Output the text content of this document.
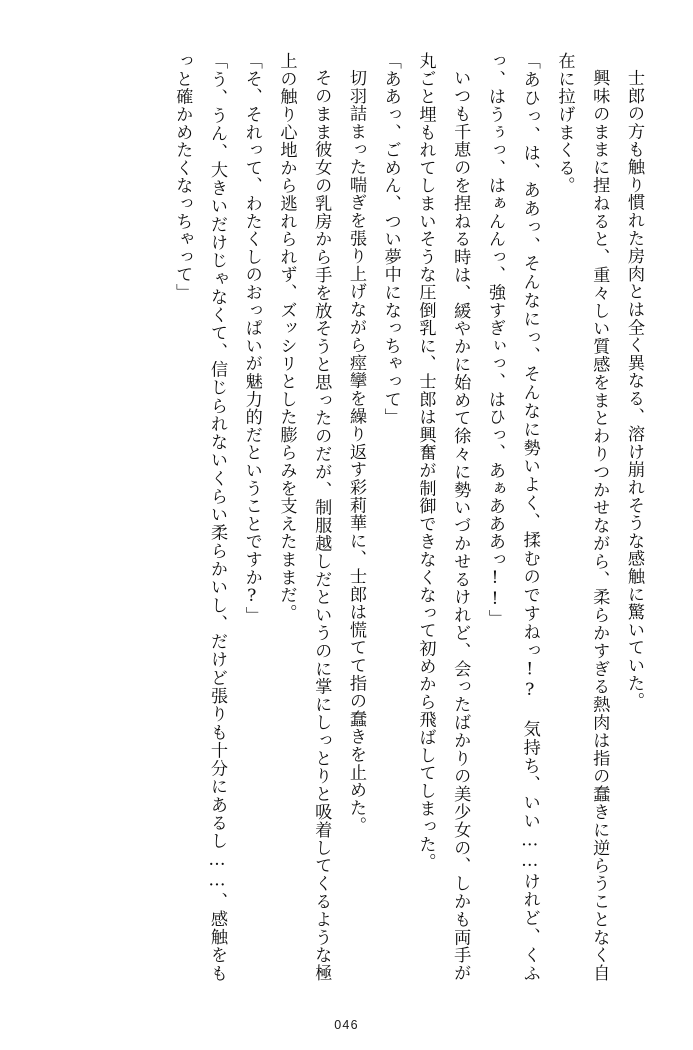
士郎の方も触り慣れた房肉とは全く異なる、溶け崩れそうな感触に驚いていた。

興味のままに捏ねると、重々しい質感をまとわりつかせながら、柔らかすぎる熱肉は指の蠢きに逆らうことなく自在に拉げまくる。

「あひっ、は、ああっ、そんなにっ、そんなに勢いよく、揉むのですねっ!?　気持ち、いい……けれど、くふっ、はうぅっ、はぁんんっ、強すぎぃっ、はひっ、あぁあああっ!!」

いつも千恵のを捏ねる時は、緩やかに始めて徐々に勢いづかせるけれど、会ったばかりの美少女の、しかも両手が丸ごと埋もれてしまいそうな圧倒乳に、士郎は興奮が制御できなくなって初めから飛ばしてしまった。

「ああっ、ごめん、つい夢中になっちゃって」

切羽詰まった喘ぎを張り上げながら痙攣を繰り返す彩莉華に、士郎は慌てて指の蠢きを止めた。

そのまま彼女の乳房から手を放そうと思ったのだが、制服越しだというのに掌にしっとりと吸着してくるような極上の触り心地から逃れられず、ズッシリとした膨らみを支えたままだ。

「そ、それって、わたくしのおっぱいが魅力的だということですか?」

「う、うん、大きいだけじゃなくて、信じられないくらい柔らかいし、だけど張りも十分にあるし……、感触をもっと確かめたくなっちゃって」

046
